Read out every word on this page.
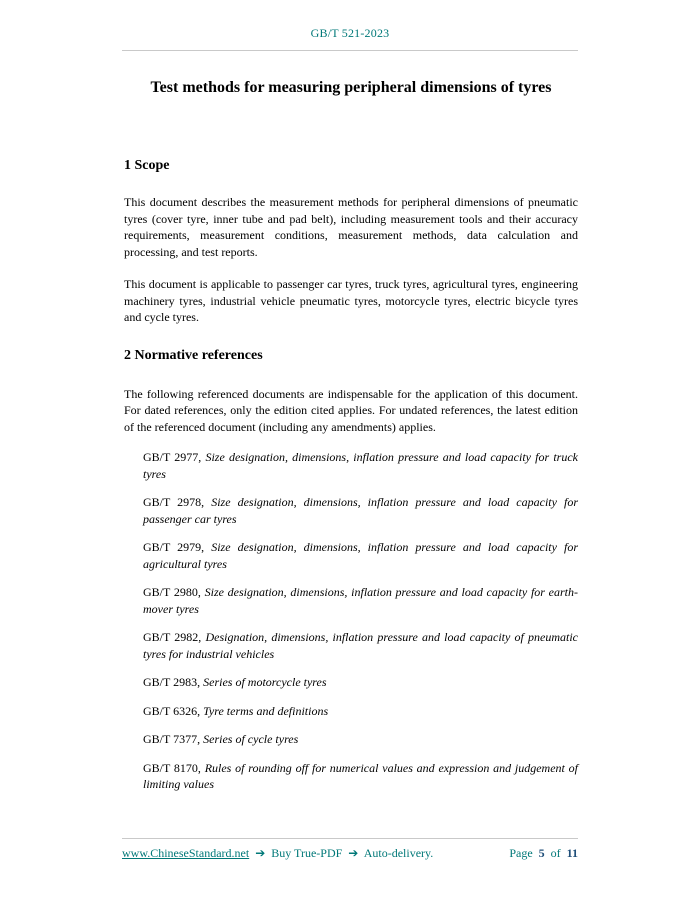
GB/T 521-2023
Test methods for measuring peripheral dimensions of tyres
1 Scope

This document describes the measurement methods for peripheral dimensions of pneumatic tyres (cover tyre, inner tube and pad belt), including measurement tools and their accuracy requirements, measurement conditions, measurement methods, data calculation and processing, and test reports.

This document is applicable to passenger car tyres, truck tyres, agricultural tyres, engineering machinery tyres, industrial vehicle pneumatic tyres, motorcycle tyres, electric bicycle tyres and cycle tyres.

2 Normative references

The following referenced documents are indispensable for the application of this document. For dated references, only the edition cited applies. For undated references, the latest edition of the referenced document (including any amendments) applies.

GB/T 2977, Size designation, dimensions, inflation pressure and load capacity for truck tyres

GB/T 2978, Size designation, dimensions, inflation pressure and load capacity for passenger car tyres

GB/T 2979, Size designation, dimensions, inflation pressure and load capacity for agricultural tyres

GB/T 2980, Size designation, dimensions, inflation pressure and load capacity for earth-mover tyres

GB/T 2982, Designation, dimensions, inflation pressure and load capacity of pneumatic tyres for industrial vehicles

GB/T 2983, Series of motorcycle tyres

GB/T 6326, Tyre terms and definitions

GB/T 7377, Series of cycle tyres

GB/T 8170, Rules of rounding off for numerical values and expression and judgement of limiting values

www.ChineseStandard.net ➔ Buy True-PDF ➔ Auto-delivery.	Page 5 of 11
